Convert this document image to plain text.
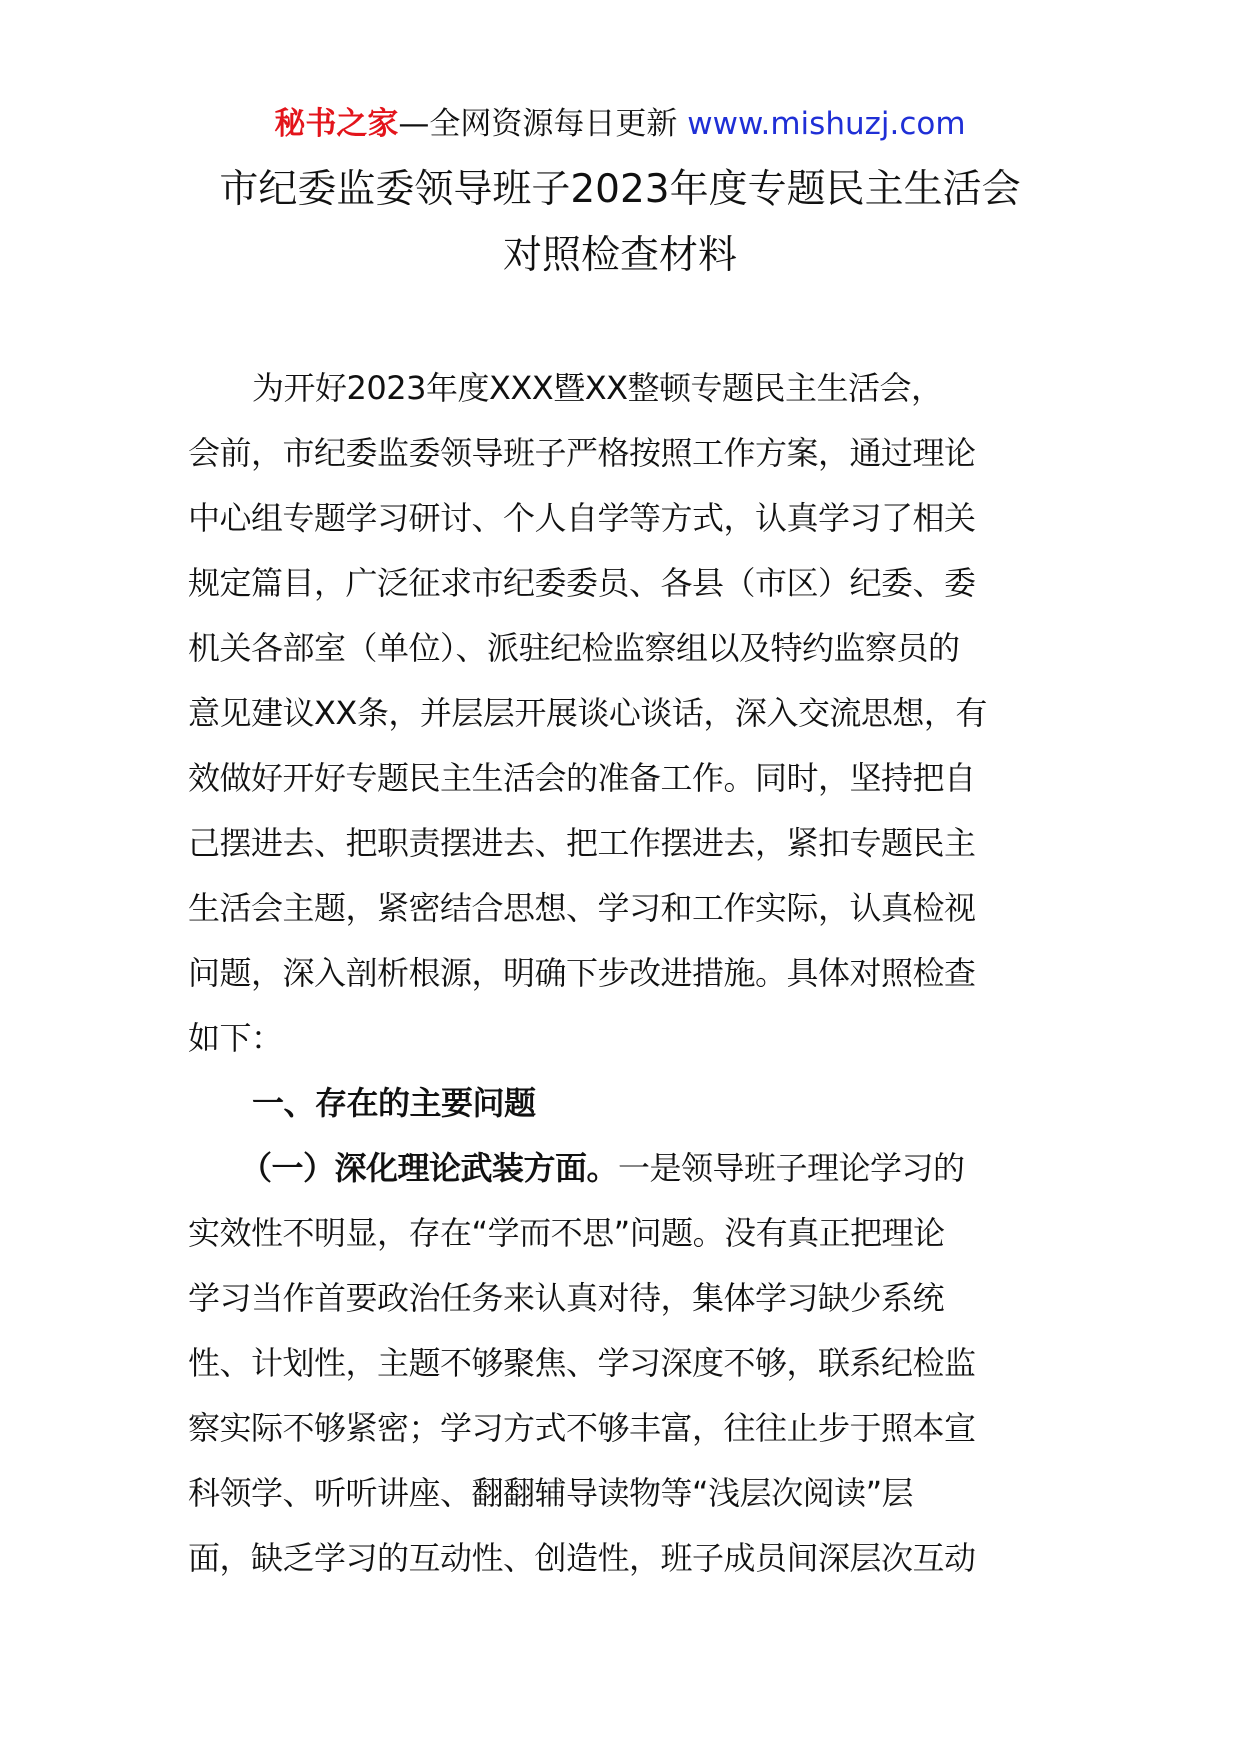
秘书之家—全网资源每日更新 www.mishuzj.com
市纪委监委领导班子2023年度专题民主生活会
对照检查材料
为开好2023年度XXX暨XX整顿专题民主生活会，
会前，市纪委监委领导班子严格按照工作方案，通过理论
中心组专题学习研讨、个人自学等方式，认真学习了相关
规定篇目，广泛征求市纪委委员、各县（市区）纪委、委
机关各部室（单位）、派驻纪检监察组以及特约监察员的
意见建议XX条，并层层开展谈心谈话，深入交流思想，有
效做好开好专题民主生活会的准备工作。同时，坚持把自
己摆进去、把职责摆进去、把工作摆进去，紧扣专题民主
生活会主题，紧密结合思想、学习和工作实际，认真检视
问题，深入剖析根源，明确下步改进措施。具体对照检查
如下：
一、存在的主要问题
（一）深化理论武装方面。一是领导班子理论学习的
实效性不明显，存在“学而不思”问题。没有真正把理论
学习当作首要政治任务来认真对待，集体学习缺少系统
性、计划性，主题不够聚焦、学习深度不够，联系纪检监
察实际不够紧密；学习方式不够丰富，往往止步于照本宣
科领学、听听讲座、翻翻辅导读物等“浅层次阅读”层
面，缺乏学习的互动性、创造性，班子成员间深层次互动
